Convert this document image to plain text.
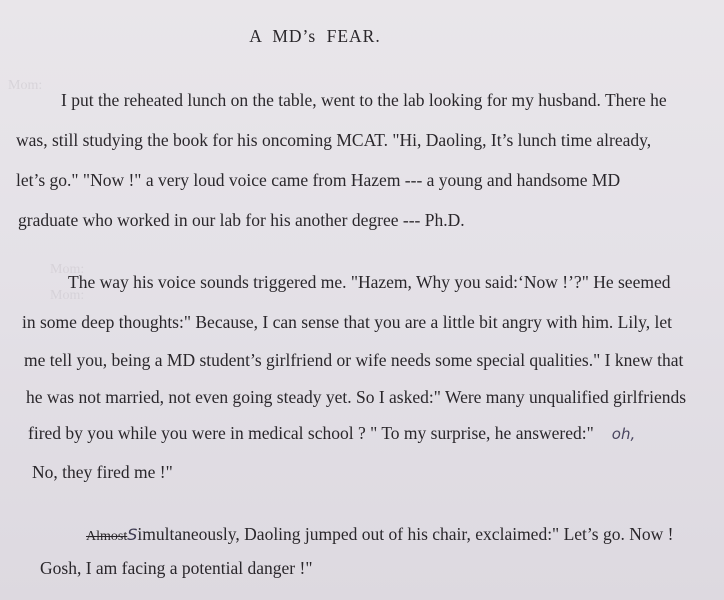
Mom:
Mom:
Mom:
A MD’s FEAR.
I put the reheated lunch on the table, went to the lab looking for my husband. There he
was, still studying the book for his oncoming MCAT. "Hi, Daoling, It’s lunch time already,
let’s go." "Now !" a very loud voice came from Hazem --- a young and handsome MD
graduate who worked in our lab for his another degree --- Ph.D.
The way his voice sounds triggered me. "Hazem, Why you said:‘Now !’?" He seemed
in some deep thoughts:" Because, I can sense that you are a little bit angry with him. Lily, let
me tell you, being a MD student’s girlfriend or wife needs some special qualities." I knew that
he was not married, not even going steady yet. So I asked:" Were many unqualified girlfriends
fired by you while you were in medical school ? " To my surprise, he answered:" oh,
No, they fired me !"
AlmostSimultaneously, Daoling jumped out of his chair, exclaimed:" Let’s go. Now !
Gosh, I am facing a potential danger !"
